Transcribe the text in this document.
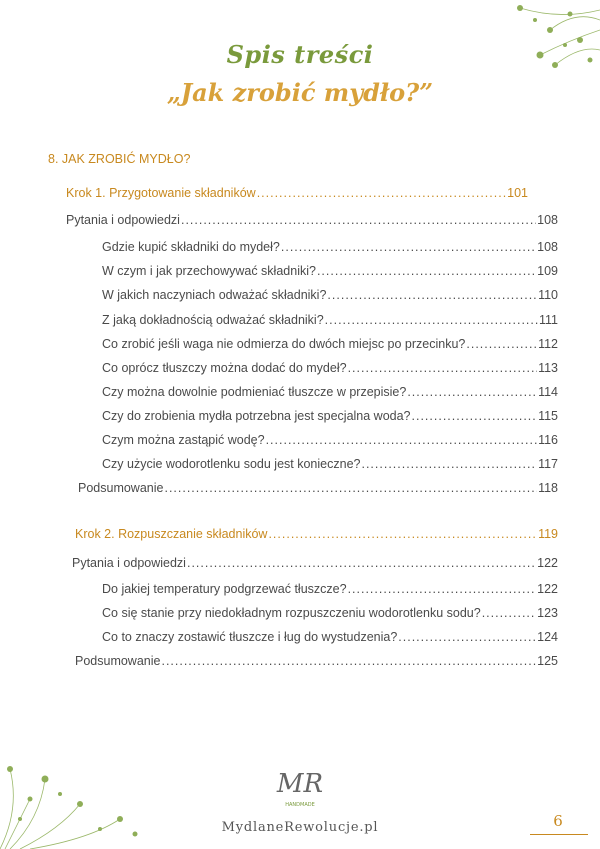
Spis treści
„Jak zrobić mydło?”
8. JAK ZROBIĆ MYDŁO?
Krok 1. Przygotowanie składników .....	101
Pytania i odpowiedzi .....	108
Gdzie kupić składniki do mydeł? .....	108
W czym i jak przechowywać składniki? .....	109
W jakich naczyniach odważać składniki? .....	110
Z jaką dokładnością odważać składniki? .....	111
Co zrobić jeśli waga nie odmierza do dwóch miejsc po przecinku? .....	112
Co oprócz tłuszczy można dodać do mydeł? .....	113
Czy można dowolnie podmieniać tłuszcze w przepisie? .....	114
Czy do zrobienia mydła potrzebna jest specjalna woda? .....	115
Czym można zastąpić wodę? .....	116
Czy użycie wodorotlenku sodu jest konieczne? .....	117
Podsumowanie .....	118
Krok 2. Rozpuszczanie składników .....	119
Pytania i odpowiedzi .....	122
Do jakiej temperatury podgrzewać tłuszcze? .....	122
Co się stanie przy niedokładnym rozpuszczeniu wodorotlenku sodu? .....	123
Co to znaczy zostawić tłuszcze i ług do wystudzenia? .....	124
Podsumowanie .....	125
MR
HANDMADE
MydlaneRewolucje.pl	6
